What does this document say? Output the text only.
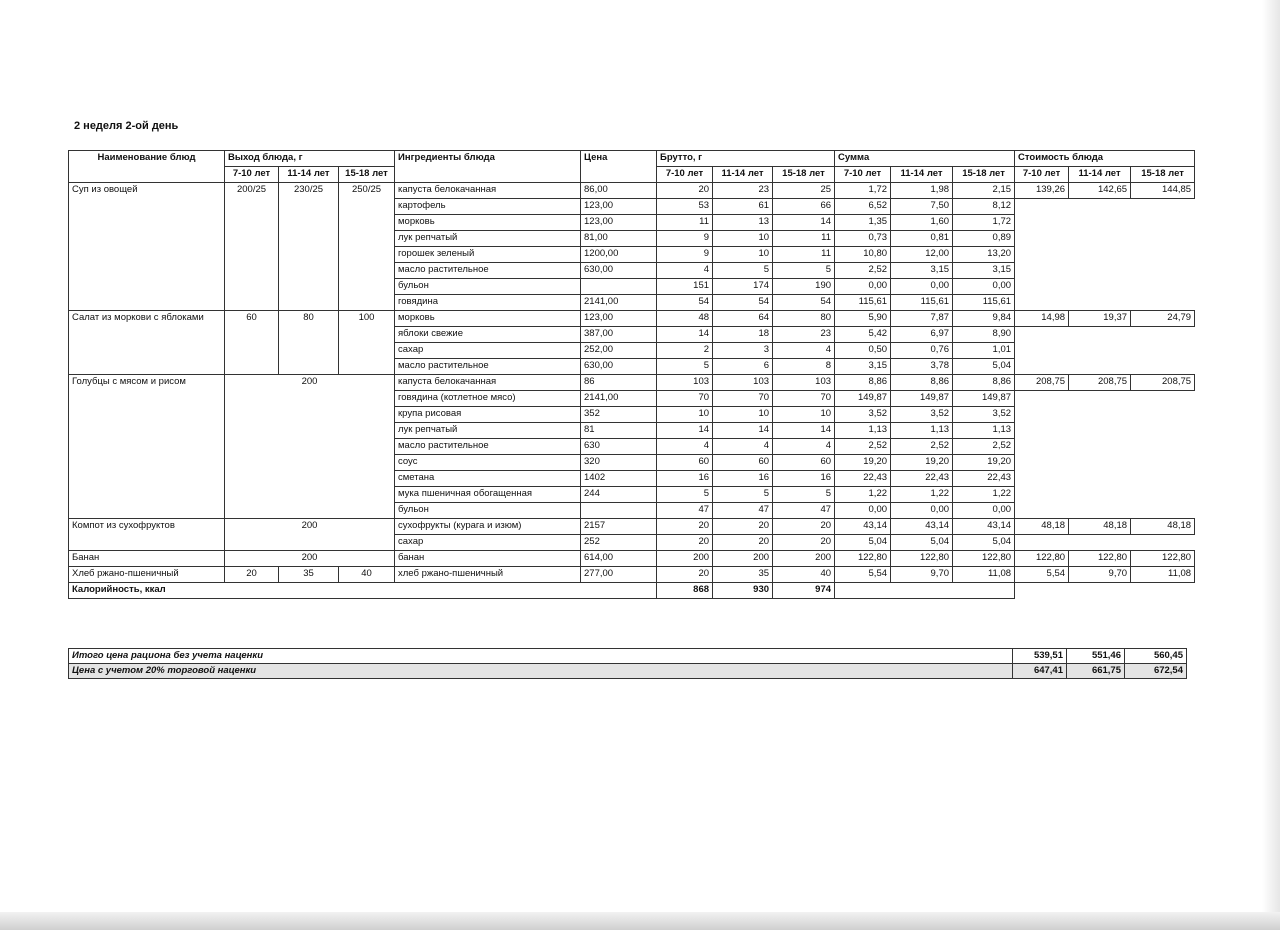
2 неделя 2-ой день
Наименование блюд	Выход блюда, г			Ингредиенты блюда	Цена	Брутто, г			Сумма			Стоимость блюда		
	7-10 лет	11-14 лет	15-18 лет			7-10 лет	11-14 лет	15-18 лет	7-10 лет	11-14 лет	15-18 лет	7-10 лет	11-14 лет	15-18 лет
Суп из овощей	200/25	230/25	250/25	капуста белокачанная	86,00	20	23	25	1,72	1,98	2,15	139,26	142,65	144,85
				картофель	123,00	53	61	66	6,52	7,50	8,12			
				морковь	123,00	11	13	14	1,35	1,60	1,72			
				лук репчатый	81,00	9	10	11	0,73	0,81	0,89			
				горошек зеленый	1200,00	9	10	11	10,80	12,00	13,20			
				масло растительное	630,00	4	5	5	2,52	3,15	3,15			
				бульон		151	174	190	0,00	0,00	0,00			
				говядина	2141,00	54	54	54	115,61	115,61	115,61			
Салат из моркови с яблоками	60	80	100	морковь	123,00	48	64	80	5,90	7,87	9,84	14,98	19,37	24,79
				яблоки свежие	387,00	14	18	23	5,42	6,97	8,90			
				сахар	252,00	2	3	4	0,50	0,76	1,01			
				масло растительное	630,00	5	6	8	3,15	3,78	5,04			
Голубцы с мясом и рисом	200			капуста белокачанная	86	103	103	103	8,86	8,86	8,86	208,75	208,75	208,75
				говядина (котлетное мясо)	2141,00	70	70	70	149,87	149,87	149,87			
				крупа рисовая	352	10	10	10	3,52	3,52	3,52			
				лук репчатый	81	14	14	14	1,13	1,13	1,13			
				масло растительное	630	4	4	4	2,52	2,52	2,52			
				соус	320	60	60	60	19,20	19,20	19,20			
				сметана	1402	16	16	16	22,43	22,43	22,43			
				мука пшеничная обогащенная	244	5	5	5	1,22	1,22	1,22			
				бульон		47	47	47	0,00	0,00	0,00			
Компот из сухофруктов	200			сухофрукты (курага и изюм)	2157	20	20	20	43,14	43,14	43,14	48,18	48,18	48,18
				сахар	252	20	20	20	5,04	5,04	5,04			
Банан	200			банан	614,00	200	200	200	122,80	122,80	122,80	122,80	122,80	122,80
Хлеб ржано-пшеничный	20	35	40	хлеб ржано-пшеничный	277,00	20	35	40	5,54	9,70	11,08	5,54	9,70	11,08
Калорийность, ккал						868	930	974						
Итого цена рациона без учета наценки	539,51	551,46	560,45
Цена с учетом 20% торговой наценки	647,41	661,75	672,54
